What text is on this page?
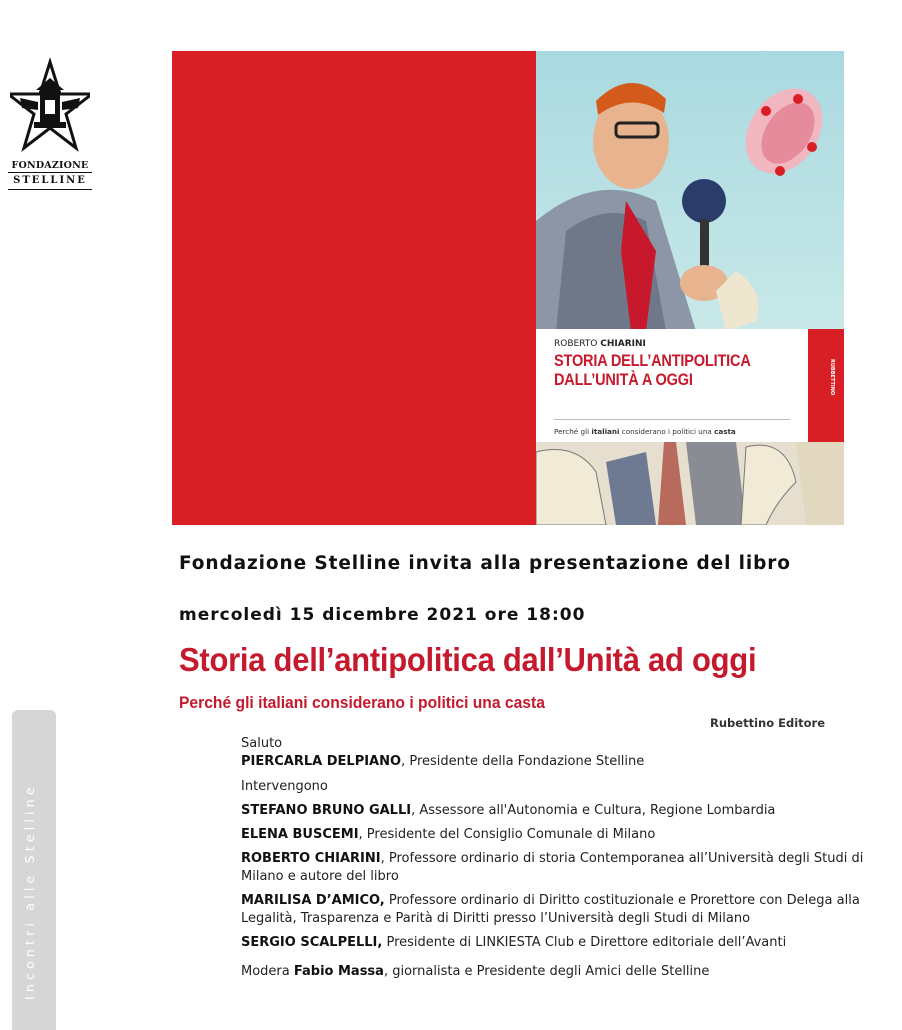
FONDAZIONE
STELLINE
Incontri alle Stelline
RUBBETTINO
ROBERTO CHIARINI
STORIA DELL’ANTIPOLITICA
DALL’UNITÀ A OGGI
Perché gli italiani considerano i politici una casta
Fondazione Stelline invita alla presentazione del libro
mercoledì 15 dicembre 2021 ore 18:00
Storia dell’antipolitica dall’Unità ad oggi
Perché gli italiani considerano i politici una casta
Rubettino Editore

Saluto

PIERCARLA DELPIANO, Presidente della Fondazione Stelline

Intervengono

STEFANO BRUNO GALLI, Assessore all'Autonomia e Cultura, Regione Lombardia

ELENA BUSCEMI, Presidente del Consiglio Comunale di Milano

ROBERTO CHIARINI, Professore ordinario di storia Contemporanea all’Università degli Studi di Milano e autore del libro

MARILISA D’AMICO, Professore ordinario di Diritto costituzionale e Prorettore con Delega alla Legalità, Trasparenza e Parità di Diritti presso l’Università degli Studi di Milano

SERGIO SCALPELLI, Presidente di LINKIESTA Club e Direttore editoriale dell’Avanti

Modera Fabio Massa, giornalista e Presidente degli Amici delle Stelline
